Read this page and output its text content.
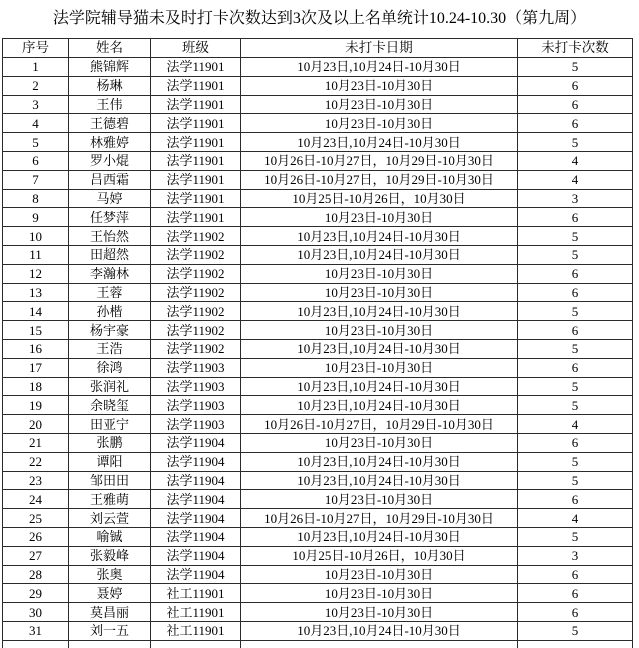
法学院辅导猫未及时打卡次数达到3次及以上名单统计10.24-10.30（第九周）
序号	姓名	班级	未打卡日期	未打卡次数
1	熊锦辉	法学11901	10月23日,10月24日-10月30日	5
2	杨琳	法学11901	10月23日-10月30日	6
3	王伟	法学11901	10月23日-10月30日	6
4	王德碧	法学11901	10月23日-10月30日	6
5	林雅婷	法学11901	10月23日,10月24日-10月30日	5
6	罗小焜	法学11901	10月26日-10月27日，10月29日-10月30日	4
7	吕西霜	法学11901	10月26日-10月27日，10月29日-10月30日	4
8	马婷	法学11901	10月25日-10月26日，10月30日	3
9	任梦萍	法学11901	10月23日-10月30日	6
10	王怡然	法学11902	10月23日,10月24日-10月30日	5
11	田超然	法学11902	10月23日,10月24日-10月30日	5
12	李瀚林	法学11902	10月23日-10月30日	6
13	王蓉	法学11902	10月23日-10月30日	6
14	孙楷	法学11902	10月23日,10月24日-10月30日	5
15	杨宇豪	法学11902	10月23日-10月30日	6
16	王浩	法学11902	10月23日,10月24日-10月30日	5
17	徐鸿	法学11903	10月23日-10月30日	6
18	张润礼	法学11903	10月23日,10月24日-10月30日	5
19	余晓玺	法学11903	10月23日,10月24日-10月30日	5
20	田亚宁	法学11903	10月26日-10月27日，10月29日-10月30日	4
21	张鹏	法学11904	10月23日-10月30日	6
22	谭阳	法学11904	10月23日,10月24日-10月30日	5
23	邹田田	法学11904	10月23日,10月24日-10月30日	5
24	王雅萌	法学11904	10月23日-10月30日	6
25	刘云萱	法学11904	10月26日-10月27日，10月29日-10月30日	4
26	喻铖	法学11904	10月23日,10月24日-10月30日	5
27	张毅峰	法学11904	10月25日-10月26日，10月30日	3
28	张奥	法学11904	10月23日-10月30日	6
29	聂婷	社工11901	10月23日-10月30日	6
30	莫昌丽	社工11901	10月23日-10月30日	6
31	刘一五	社工11901	10月23日,10月24日-10月30日	5
